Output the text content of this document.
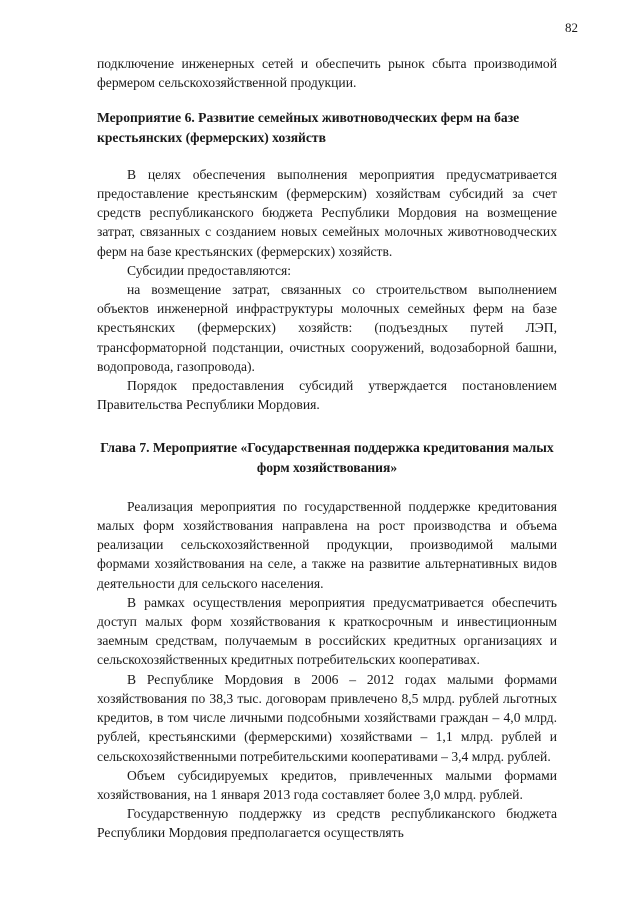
82

подключение инженерных сетей и обеспечить рынок сбыта производимой фермером сельскохозяйственной продукции.

Мероприятие 6. Развитие семейных животноводческих ферм на базе крестьянских (фермерских) хозяйств

В целях обеспечения выполнения мероприятия предусматривается предоставление крестьянским (фермерским) хозяйствам субсидий за счет средств республиканского бюджета Республики Мордовия на возмещение затрат, связанных с созданием новых семейных молочных животноводческих ферм на базе крестьянских (фермерских) хозяйств.

Субсидии предоставляются:

на возмещение затрат, связанных со строительством выполнением объектов инженерной инфраструктуры молочных семейных ферм на базе крестьянских (фермерских) хозяйств: (подъездных путей ЛЭП, трансформаторной подстанции, очистных сооружений, водозаборной башни, водопровода, газопровода).

Порядок предоставления субсидий утверждается постановлением Правительства Республики Мордовия.

Глава 7. Мероприятие «Государственная поддержка кредитования малых форм хозяйствования»

Реализация мероприятия по государственной поддержке кредитования малых форм хозяйствования направлена на рост производства и объема реализации сельскохозяйственной продукции, производимой малыми формами хозяйствования на селе, а также на развитие альтернативных видов деятельности для сельского населения.

В рамках осуществления мероприятия предусматривается обеспечить доступ малых форм хозяйствования к краткосрочным и инвестиционным заемным средствам, получаемым в российских кредитных организациях и сельскохозяйственных кредитных потребительских кооперативах.

В Республике Мордовия в 2006 – 2012 годах малыми формами хозяйствования по 38,3 тыс. договорам привлечено 8,5 млрд. рублей льготных кредитов, в том числе личными подсобными хозяйствами граждан – 4,0 млрд. рублей, крестьянскими (фермерскими) хозяйствами – 1,1 млрд. рублей и сельскохозяйственными потребительскими кооперативами – 3,4 млрд. рублей.

Объем субсидируемых кредитов, привлеченных малыми формами хозяйствования, на 1 января 2013 года составляет более 3,0 млрд. рублей.

Государственную поддержку из средств республиканского бюджета Республики Мордовия предполагается осуществлять
